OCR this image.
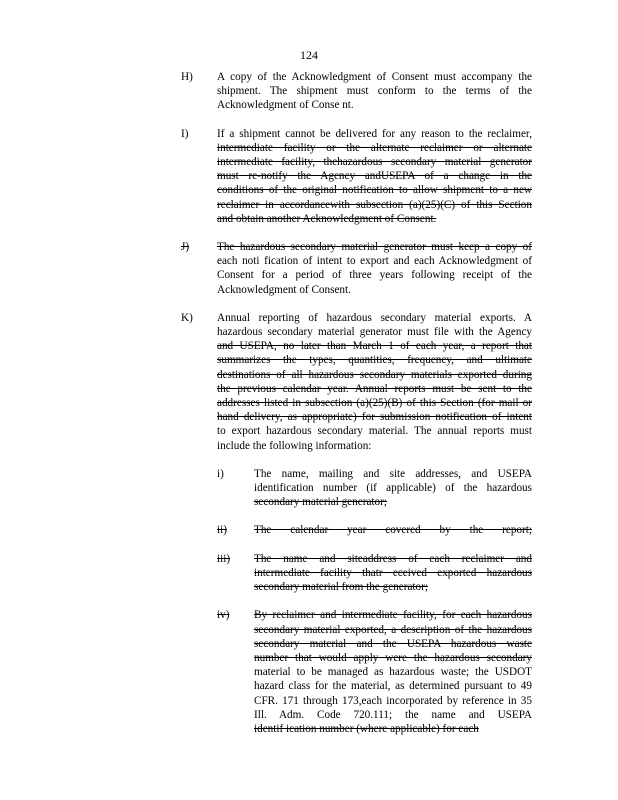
124
H) A copy of the Acknowledgment of Consent must accompany the
shipment. The shipment must conform to the terms of the
Acknowledgment of Conse nt.
I)	If a shipment cannot be delivered for any reason to the reclaimer,
intermediate facility or the alternate reclaimer or alternate
intermediate facility, thehazardous secondary material generator
must re-notify the Agency andUSEPA of a change in the
conditions of the original notification to allow shipment to a new
reclaimer in accordancewith subsection (a)(25)(C) of this Section
and obtain another Acknowledgment of Consent.
J) The hazardous secondary material generator must keep a copy of
each noti fication of intent to export and each Acknowledgment of
Consent for a period of three years following receipt of the
Acknowledgment of Consent.
K) Annual reporting of hazardous secondary material exports. A
hazardous secondary material generator must file with the Agency
and USEPA, no later than March 1 of each year, a report that
summarizes the types, quantities, frequency, and ultimate
destinations of all hazardous secondary materials exported during
the previous calendar year. Annual reports must be sent to the
addresses listed in subsection (a)(25)(B) of this Section (for mail or
hand delivery, as appropriate) for submission notification of intent
to export hazardous secondary material. The annual reports must
include the following information:
i)	The name, mailing and site addresses, and USEPA
identification number (if applicable) of the hazardous
secondary material generator;
ii) The calendar year covered by the report;
iii) The name and siteaddress of each reclaimer and
intermediate facility thatr eceived exported hazardous
secondary material from the generator;
iv) By reclaimer and intermediate facility, for each hazardous
secondary material exported, a description of the hazardous
secondary material and the USEPA hazardous waste
number that would apply were the hazardous secondary
material to be managed as hazardous waste; the USDOT
hazard class for the material, as determined pursuant to 49
CFR. 171 through 173,each incorporated by reference in 35
Ill. Adm. Code 720.111; the name and USEPA
identif ication number (where applicable) for each
